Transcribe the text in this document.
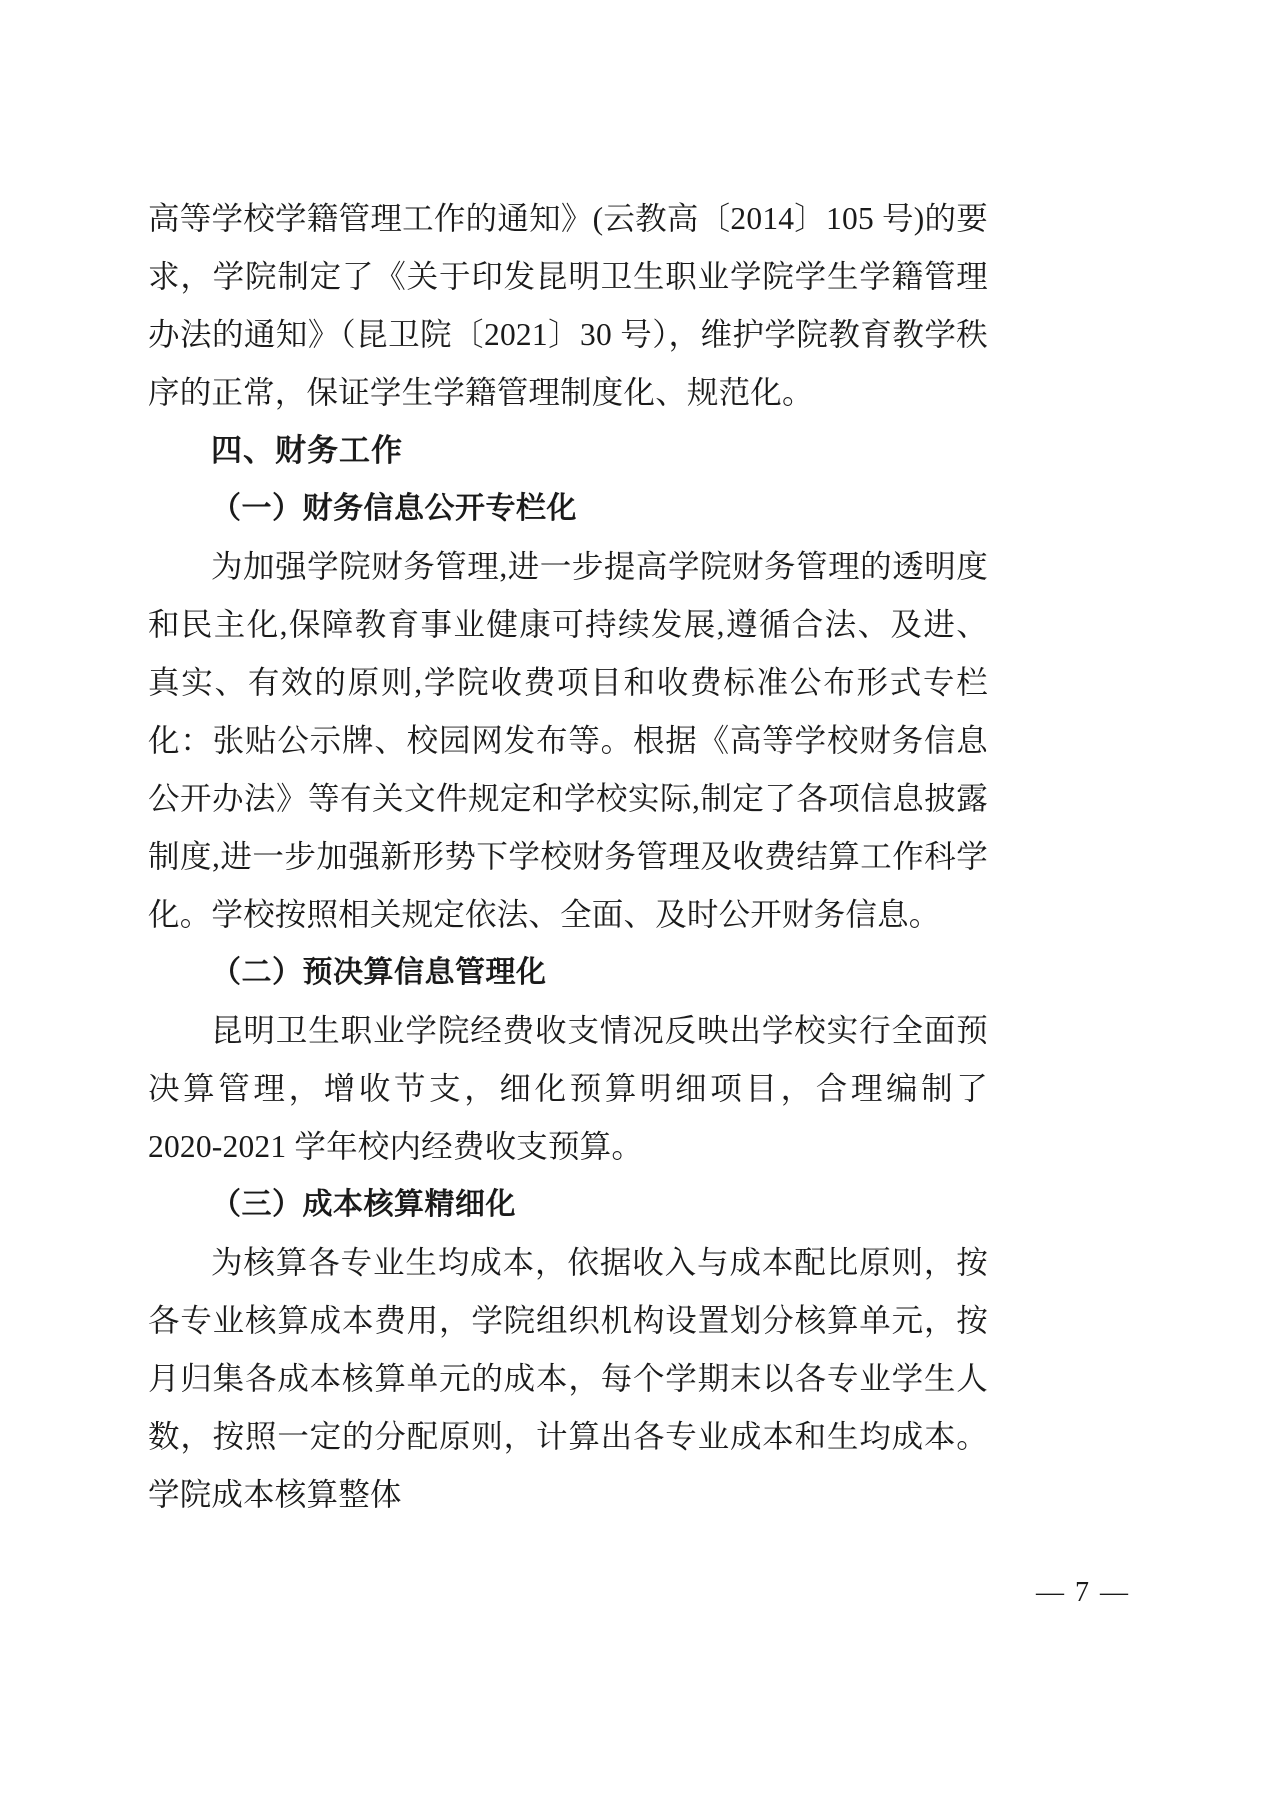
高等学校学籍管理工作的通知》(云教高〔2014〕105 号)的要求，学院制定了《关于印发昆明卫生职业学院学生学籍管理办法的通知》（昆卫院〔2021〕30 号），维护学院教育教学秩序的正常，保证学生学籍管理制度化、规范化。

四、财务工作

（一）财务信息公开专栏化

为加强学院财务管理,进一步提高学院财务管理的透明度和民主化,保障教育事业健康可持续发展,遵循合法、及进、真实、有效的原则,学院收费项目和收费标准公布形式专栏化：张贴公示牌、校园网发布等。根据《高等学校财务信息公开办法》等有关文件规定和学校实际,制定了各项信息披露制度,进一步加强新形势下学校财务管理及收费结算工作科学化。学校按照相关规定依法、全面、及时公开财务信息。

（二）预决算信息管理化

昆明卫生职业学院经费收支情况反映出学校实行全面预决算管理，增收节支，细化预算明细项目，合理编制了 2020-2021 学年校内经费收支预算。

（三）成本核算精细化

为核算各专业生均成本，依据收入与成本配比原则，按各专业核算成本费用，学院组织机构设置划分核算单元，按月归集各成本核算单元的成本，每个学期末以各专业学生人数，按照一定的分配原则，计算出各专业成本和生均成本。学院成本核算整体

— 7 —
